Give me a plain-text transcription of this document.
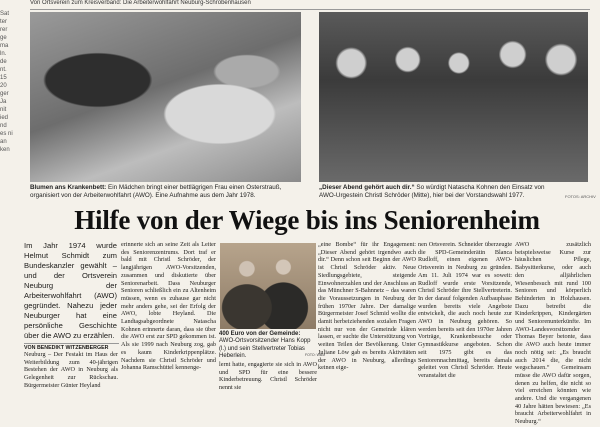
Von Ortsverein zum Kreisverband: Die Arbeiterwohlfahrt Neuburg-Schrobenhausen
Sat ter rer ge ma ln. de nt. 15 20 ger Ja nit ied nd es ni an ken
Blumen ans Krankenbett: Ein Mädchen bringt einer bettlägrigen Frau einen Osterstrauß, organisiert von der Arbeiterwohlfahrt (AWO). Eine Aufnahme aus dem Jahr 1978.
„Dieser Abend gehört auch dir.“ So würdigt Natascha Kohnen den Einsatz von AWO-Urgestein Christl Schröder (Mitte), hier bei der Vorstandswahl 1977.	FOTOS: ARCHIV
Hilfe von der Wiege bis ins Seniorenheim
Im Jahr 1974 wurde Helmut Schmidt zum Bundeskanzler gewählt – und der Ortsverein Neuburg der Arbeiterwohlfahrt (AWO) gegründet. Nahezu jeder Neuburger hat eine persönliche Geschichte über die AWO zu erzählen.
VON BENEDIKT WITZENBERGER
Neuburg – Der Festakt im Haus der Weiterbildung zum 40-jährigen Bestehen der AWO in Neuburg als Gelegenheit zur Rückschau. Bürgermeister Günter Heyland
erinnerte sich an seine Zeit als Leiter des Seniorenzentrums. Dort traf er bald mit Christl Schröder, der langjährigen AWO-Vorsitzenden, zusammen und diskutierte über Seniorenarbeit. Dass Neuburger Senioren schließlich ein zu Altenheim müssen, wenn es zuhause gar nicht mehr anders gehe, sei der Erfolg der AWO, lobte Heyland. Die Landtagsabgeordnete Natascha Kohnen erinnerte daran, dass sie über die AWO erst zur SPD gekommen ist. Als sie 1999 nach Neuburg zog, gab es kaum Kinderkrippenplätze. Nachdem sie Christl Schröder und Johanna Ramschüttel kennenge-
400 Euro von der Gemeinde: AWO-Ortsvorsitzender Hans Kopp (l.) und sein Stellvertreter Tobias Heberlein.	FOTO: WBM
lernt hatte, engagierte sie sich in AWO und SPD für eine bessere Kinderbetreuung. Christl Schröder nennt sie
„eine Bombe“ für ihr Engagement: „Dieser Abend gehört irgendwo auch dir.“ Denn schon seit Beginn der AWO ist Christl Schröder aktiv. Neue Siedlungsgebiete, steigende Einwohnerzahlen und der Anschluss an das Münchner S-Bahnnetz – das waren die Voraussetzungen in Neuburg der frühen 1970er Jahre. Der damalige Bürgermeister Josef Schmid wollte die damit herbeiziehenden sozialen Fragen nicht nur von der Gemeinde klären lassen, er suchte die Unterstützung von weiten Teilen der Bevölkerung. Unter Juliane Löw gab es bereits Aktivitäten der AWO in Neuburg, allerdings keinen eige-
nen Ortsverein. Schneider überzeugte die SPD-Gemeinderätin Blanca Rudloff, einen eigenen AWO-Ortsverein in Neuburg zu gründen. Am 11. Juli 1974 war es soweit: Rudloff wurde erste Vorsitzende, Christl Schröder ihre Stellvertreterin. In der darauf folgenden Aufbauphase wurden bereits viele Angebote entwickelt, die auch noch heute zur AWO in Neuburg gehören. So werden bereits seit den 1970er Jahren Vorträge, Krankenbesuche oder Gymnastikkurse angeboten. Schon seit 1975 gibt es das Seniorennachmittag, bereits damals geleitet von Christl Schröder. Heute veranstaltet die
AWO zusätzlich beispielsweise Kurse zur häuslichen Pflege, Babysitterkurse, oder auch den alljährlichen Wiesenbesuch mit rund 100 Senioren und körperlich Behinderten in Holzhausen. Dazu betreibt die Kinderkrippen, Kindergärten und Seniorenunterkünfte. Im AWO-Landesvorsitzender Thomas Beyer betonte, dass die AWO auch heute immer noch nötig sei: „Es braucht auch 2014 die, die nicht wegschauen.“ Gemeinsam müsse die AWO dafür sorgen, denen zu helfen, die nicht so viel erreichen könnten wie andere. Und die vergangenen 40 Jahre hätten bewiesen: „Es braucht Arbeiterwohlfahrt in Neuburg.“
